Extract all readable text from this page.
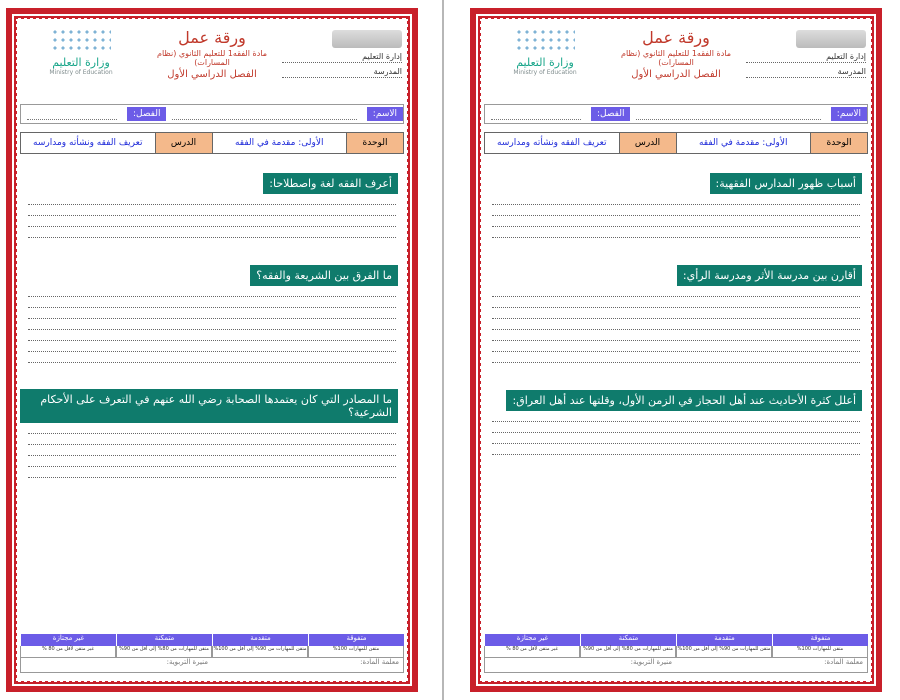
إدارة التعليم
المدرسة
ورقة عمل
مادة الفقه1 للتعليم الثانوي (نظام المسارات)
الفصل الدراسي الأول
وزارة التعليم
Ministry of Education
الاسم:
الفصل:
الوحدة
الأولى: مقدمة في الفقه
الدرس
تعريف الفقه ونشأته ومدارسه
أعرف الفقه لغة واصطلاحا:
ما الفرق بين الشريعة والفقه؟
ما المصادر التي كان يعتمدها الصحابة رضي الله عنهم في التعرف على الأحكام الشرعية؟
متفوقة
متقدمة
متمكنة
غير مجتازة
متقن للمهارات 100%
متقن للمهارات من 90% إلى أقل من 100%
متقن للمهارات من 80% إلى أقل من 90%
غير متقن لأقل من 80 %
معلمة المادة:
منيرة التربوية:
إدارة التعليم
المدرسة
ورقة عمل
مادة الفقه1 للتعليم الثانوي (نظام المسارات)
الفصل الدراسي الأول
وزارة التعليم
Ministry of Education
الاسم:
الفصل:
الوحدة
الأولى: مقدمة في الفقه
الدرس
تعريف الفقه ونشأته ومدارسه
أسباب ظهور المدارس الفقهية:
أقارن بين مدرسة الأثر ومدرسة الرأي:
أعلل كثرة الأحاديث عند أهل الحجاز في الزمن الأول، وقلتها عند أهل العراق:
متفوقة
متقدمة
متمكنة
غير مجتازة
متقن للمهارات 100%
متقن للمهارات من 90% إلى أقل من 100%
متقن للمهارات من 80% إلى أقل من 90%
غير متقن لأقل من 80 %
معلمة المادة:
منيرة التربوية:
